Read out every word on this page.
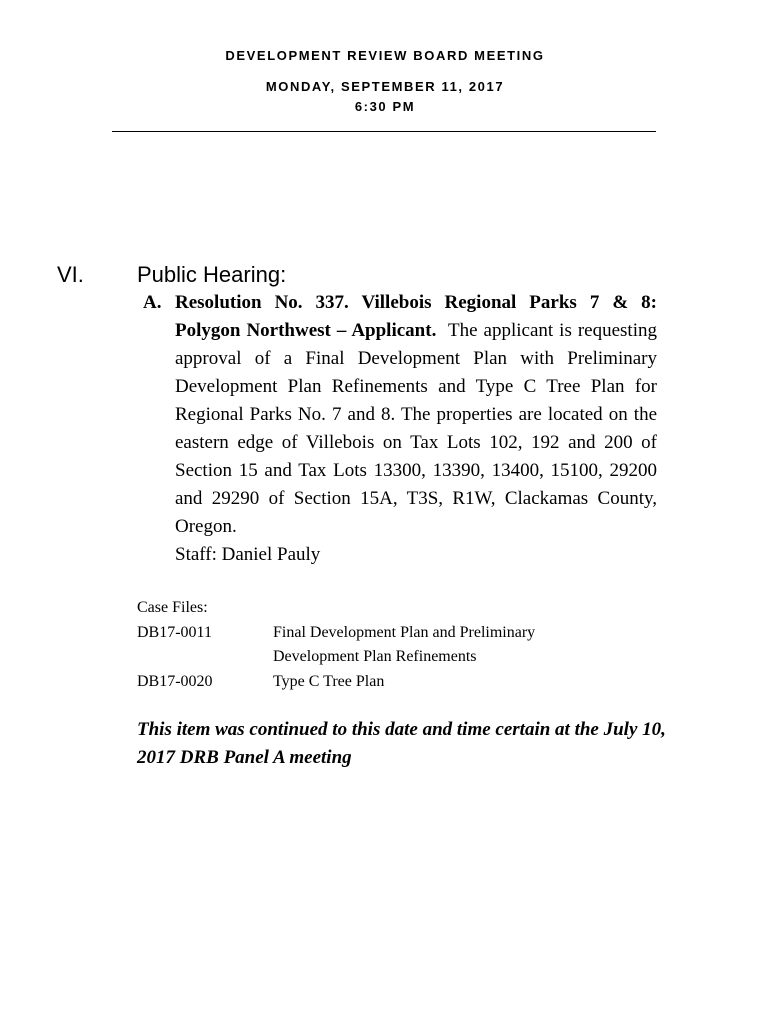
DEVELOPMENT REVIEW BOARD MEETING
MONDAY, SEPTEMBER 11, 2017
6:30 PM
VI. Public Hearing:
A. Resolution No. 337. Villebois Regional Parks 7 & 8: Polygon Northwest – Applicant. The applicant is requesting approval of a Final Development Plan with Preliminary Development Plan Refinements and Type C Tree Plan for Regional Parks No. 7 and 8. The properties are located on the eastern edge of Villebois on Tax Lots 102, 192 and 200 of Section 15 and Tax Lots 13300, 13390, 13400, 15100, 29200 and 29290 of Section 15A, T3S, R1W, Clackamas County, Oregon.
Staff: Daniel Pauly
Case Files:
DB17-0011	Final Development Plan and Preliminary
Development Plan Refinements
DB17-0020	Type C Tree Plan
This item was continued to this date and time certain at the July 10, 2017 DRB Panel A meeting
